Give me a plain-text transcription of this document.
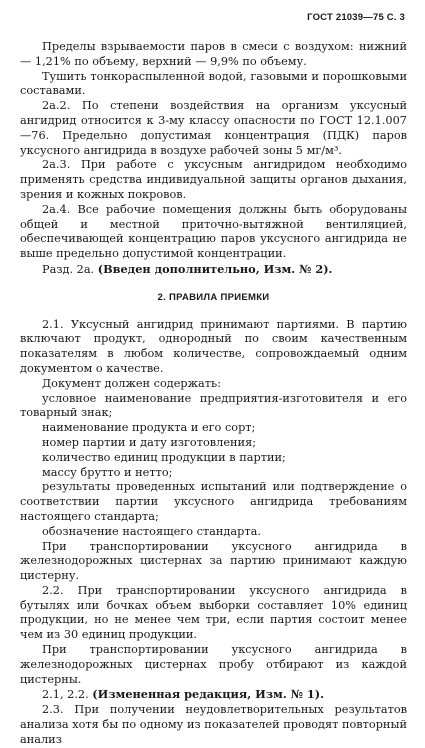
ГОСТ 21039—75 С. 3

Пределы взрываемости паров в смеси с воздухом: нижний — 1,21% по объему, верхний — 9,9% по объему.

Тушить тонкораспыленной водой, газовыми и порошковыми составами.

2а.2. По степени воздействия на организм уксусный ангидрид относится к 3-му классу опасности по ГОСТ 12.1.007—76. Предельно допустимая концентрация (ПДК) паров уксусного ангидрида в воздухе рабочей зоны 5 мг/м³.

2а.3. При работе с уксусным ангидридом необходимо применять средства индивидуальной защиты органов дыхания, зрения и кожных покровов.

2а.4. Все рабочие помещения должны быть оборудованы общей и местной приточно-вытяжной вентиляцией, обеспечивающей концентрацию паров уксусного ангидрида не выше предельно допустимой концентрации.

Разд. 2а. (Введен дополнительно, Изм. № 2).

2. ПРАВИЛА ПРИЕМКИ

2.1. Уксусный ангидрид принимают партиями. В партию включают продукт, однородный по своим качественным показателям в любом количестве, сопровождаемый одним документом о качестве.

Документ должен содержать:

условное наименование предприятия-изготовителя и его товарный знак;

наименование продукта и его сорт;

номер партии и дату изготовления;

количество единиц продукции в партии;

массу брутто и нетто;

результаты проведенных испытаний или подтверждение о соответствии партии уксусного ангидрида требованиям настоящего стандарта;

обозначение настоящего стандарта.

При транспортировании уксусного ангидрида в железнодорожных цистернах за партию принимают каждую цистерну.

2.2. При транспортировании уксусного ангидрида в бутылях или бочках объем выборки составляет 10% единиц продукции, но не менее чем три, если партия состоит менее чем из 30 единиц продукции.

При транспортировании уксусного ангидрида в железнодорожных цистернах пробу отбирают из каждой цистерны.

2.1, 2.2. (Измененная редакция, Изм. № 1).

2.3. При получении неудовлетворительных результатов анализа хотя бы по одному из показателей проводят повторный анализ
